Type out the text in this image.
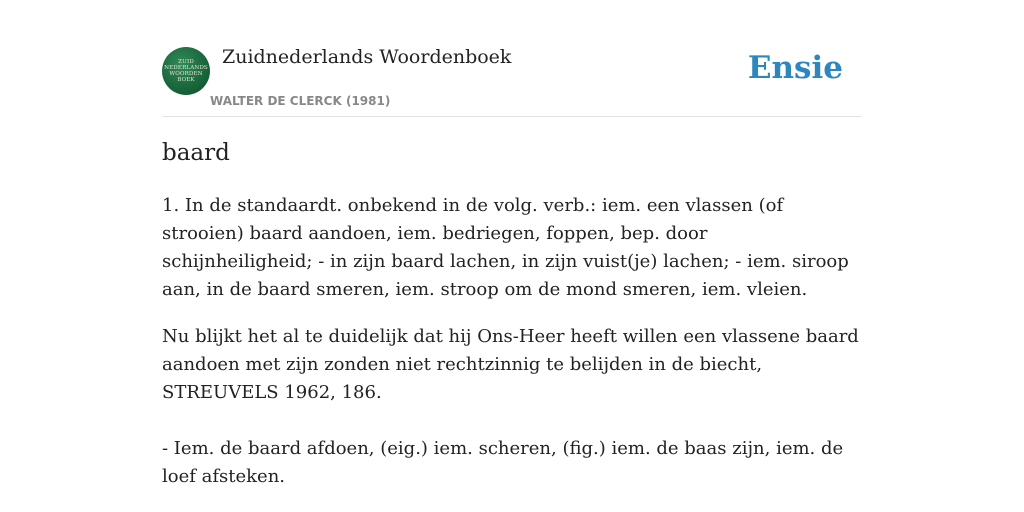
ZUID
NEDERLANDS
WOORDEN
BOEK
Zuidnederlands Woordenboek
WALTER DE CLERCK (1981)
Ensie
baard

1. In de standaardt. onbekend in de volg. verb.: iem. een vlassen (of strooien) baard aandoen, iem. bedriegen, foppen, bep. door schijnheiligheid; - in zijn baard lachen, in zijn vuist(je) lachen; - iem. siroop aan, in de baard smeren, iem. stroop om de mond smeren, iem. vleien.

Nu blijkt het al te duidelijk dat hij Ons-Heer heeft willen een vlassene baard aandoen met zijn zonden niet rechtzinnig te belijden in de biecht, STREUVELS 1962, 186.

- Iem. de baard afdoen, (eig.) iem. scheren, (fig.) iem. de baas zijn, iem. de loef afsteken.
